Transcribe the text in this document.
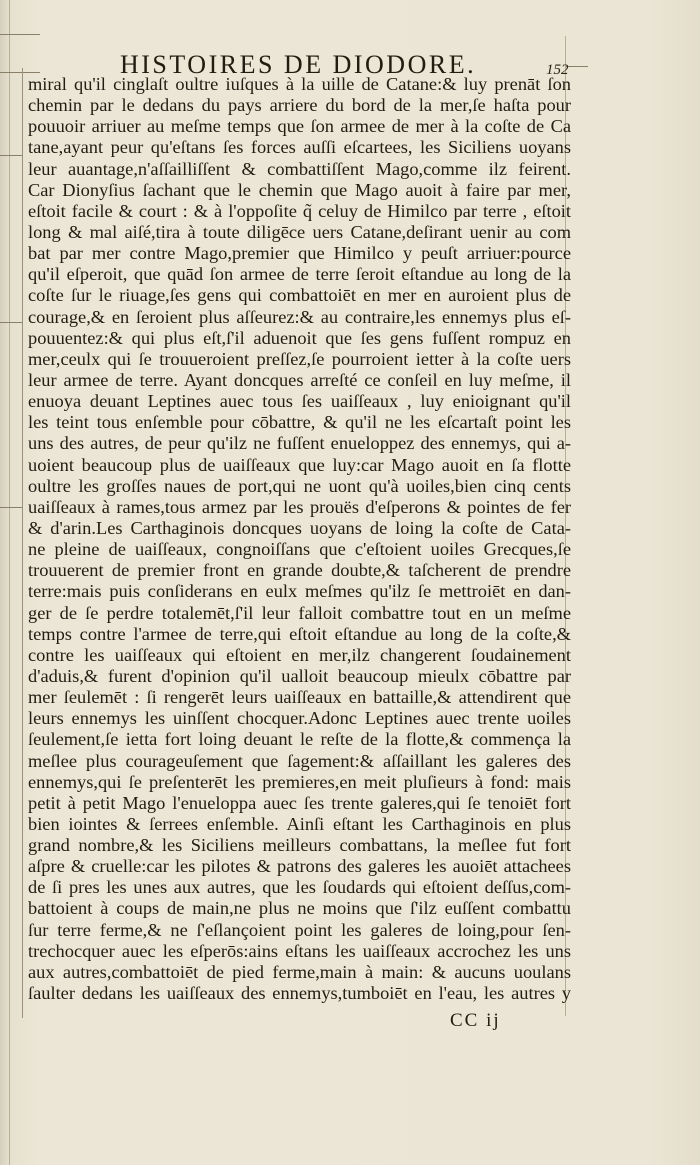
HISTOIRES DE DIODORE.	152
miral qu'il cinglaſt oultre iuſques à la uille de Catane:& luy prenāt ſon
chemin par le dedans du pays arriere du bord de la mer,ſe haſta pour
pouuoir arriuer au meſme temps que ſon armee de mer à la coſte de Ca
tane,ayant peur qu'eſtans ſes forces auſſi eſcartees, les Siciliens uoyans
leur auantage,n'aſſailliſſent & combattiſſent Mago,comme ilz feirent.
Car Dionyſius ſachant que le chemin que Mago auoit à faire par mer,
eſtoit facile & court : & à l'oppoſite q̃ celuy de Himilco par terre , eſtoit
long & mal aiſé,tira à toute diligēce uers Catane,deſirant uenir au com
bat par mer contre Mago,premier que Himilco y peuſt arriuer:pource
qu'il eſperoit, que quād ſon armee de terre ſeroit eſtandue au long de la
coſte ſur le riuage,ſes gens qui combattoiēt en mer en auroient plus de
courage,& en ſeroient plus aſſeurez:& au contraire,les ennemys plus eſ-
pouuentez:& qui plus eſt,ſ'il aduenoit que ſes gens fuſſent rompuz en
mer,ceulx qui ſe trouueroient preſſez,ſe pourroient ietter à la coſte uers
leur armee de terre. Ayant doncques arreſté ce conſeil en luy meſme, il
enuoya deuant Leptines auec tous ſes uaiſſeaux , luy enioignant qu'il
les teint tous enſemble pour cōbattre, & qu'il ne les eſcartaſt point les
uns des autres, de peur qu'ilz ne fuſſent enueloppez des ennemys, qui a-
uoient beaucoup plus de uaiſſeaux que luy:car Mago auoit en ſa flotte
oultre les groſſes naues de port,qui ne uont qu'à uoiles,bien cinq cents
uaiſſeaux à rames,tous armez par les prouës d'eſperons & pointes de fer
& d'arin.Les Carthaginois doncques uoyans de loing la coſte de Cata-
ne pleine de uaiſſeaux, congnoiſſans que c'eſtoient uoiles Grecques,ſe
trouuerent de premier front en grande doubte,& taſcherent de prendre
terre:mais puis conſiderans en eulx meſmes qu'ilz ſe mettroiēt en dan-
ger de ſe perdre totalemēt,ſ'il leur falloit combattre tout en un meſme
temps contre l'armee de terre,qui eſtoit eſtandue au long de la coſte,&
contre les uaiſſeaux qui eſtoient en mer,ilz changerent ſoudainement
d'aduis,& furent d'opinion qu'il ualloit beaucoup mieulx cōbattre par
mer ſeulemēt : ſi rengerēt leurs uaiſſeaux en battaille,& attendirent que
leurs ennemys les uinſſent chocquer.Adonc Leptines auec trente uoiles
ſeulement,ſe ietta fort loing deuant le reſte de la flotte,& commença la
meſlee plus courageuſement que ſagement:& aſſaillant les galeres des
ennemys,qui ſe preſenterēt les premieres,en meit pluſieurs à fond: mais
petit à petit Mago l'enueloppa auec ſes trente galeres,qui ſe tenoiēt fort
bien iointes & ſerrees enſemble. Ainſi eſtant les Carthaginois en plus
grand nombre,& les Siciliens meilleurs combattans, la meſlee fut fort
aſpre & cruelle:car les pilotes & patrons des galeres les auoiēt attachees
de ſi pres les unes aux autres, que les ſoudards qui eſtoient deſſus,com-
battoient à coups de main,ne plus ne moins que ſ'ilz euſſent combattu
ſur terre ferme,& ne ſ'eſlançoient point les galeres de loing,pour ſen-
trechocquer auec les eſperōs:ains eſtans les uaiſſeaux accrochez les uns
aux autres,combattoiēt de pied ferme,main à main: & aucuns uoulans
ſaulter dedans les uaiſſeaux des ennemys,tumboiēt en l'eau, les autres y
CC ij
